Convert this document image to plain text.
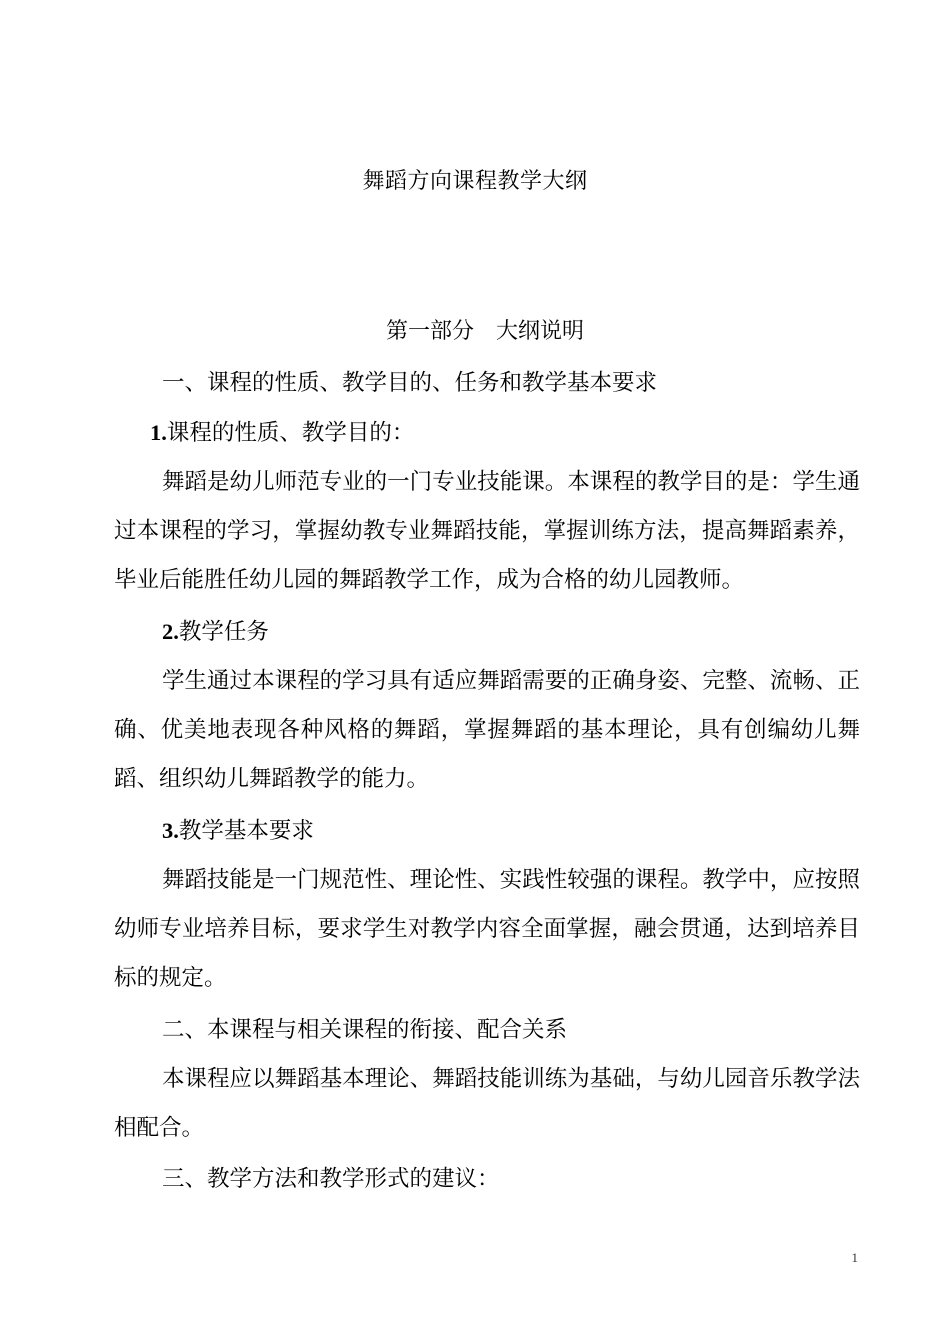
舞蹈方向课程教学大纲
第一部分 大纲说明
一、课程的性质、教学目的、任务和教学基本要求
1.课程的性质、教学目的：
舞蹈是幼儿师范专业的一门专业技能课。本课程的教学目的是：学生通过本课程的学习，掌握幼教专业舞蹈技能，掌握训练方法，提高舞蹈素养，毕业后能胜任幼儿园的舞蹈教学工作，成为合格的幼儿园教师。
2.教学任务
学生通过本课程的学习具有适应舞蹈需要的正确身姿、完整、流畅、正确、优美地表现各种风格的舞蹈，掌握舞蹈的基本理论，具有创编幼儿舞蹈、组织幼儿舞蹈教学的能力。
3.教学基本要求
舞蹈技能是一门规范性、理论性、实践性较强的课程。教学中，应按照幼师专业培养目标，要求学生对教学内容全面掌握，融会贯通，达到培养目标的规定。
二、本课程与相关课程的衔接、配合关系
本课程应以舞蹈基本理论、舞蹈技能训练为基础，与幼儿园音乐教学法相配合。
三、教学方法和教学形式的建议：
1
